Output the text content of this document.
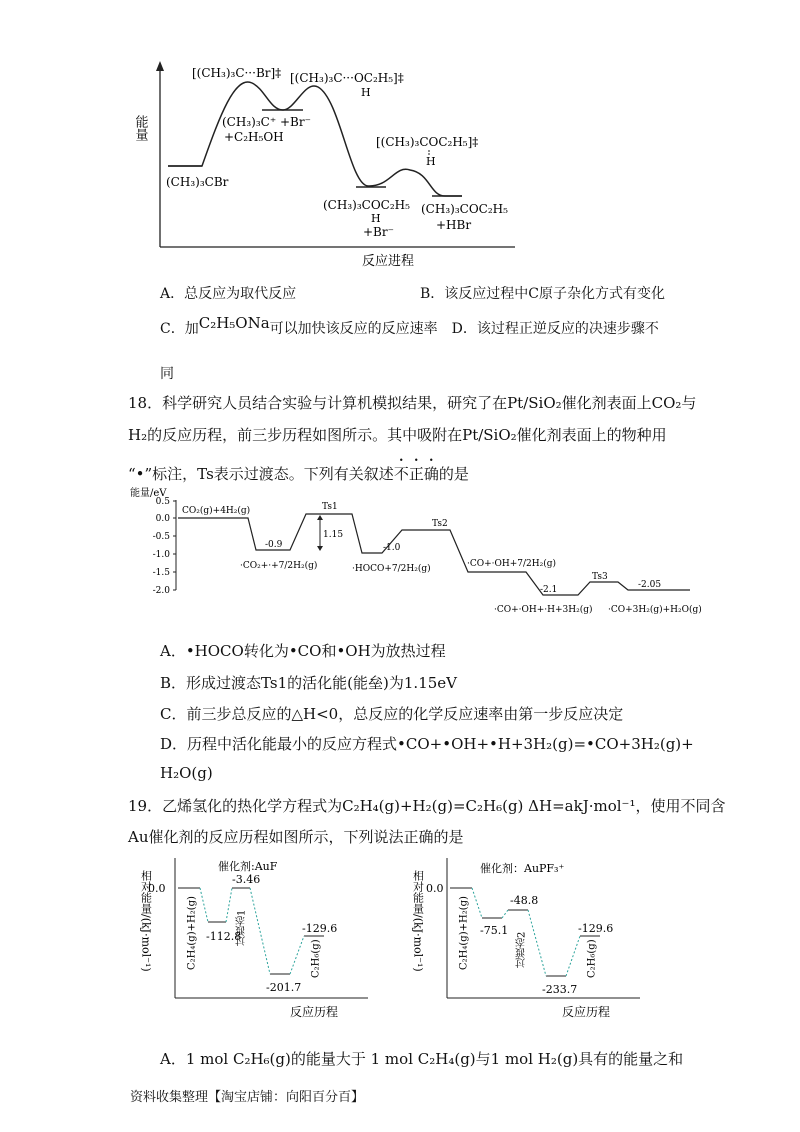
能量
[(CH₃)₃C···Br]‡ [(CH₃)₃C···OC₂H₅]‡
H
(CH₃)₃C⁺ +Br⁻
+C₂H₅OH	[(CH₃)₃COC₂H₅]‡
H
(CH₃)₃CBr
(CH₃)₃COC₂H₅
H
+Br⁻
(CH₃)₃COC₂H₅
+HBr
反应进程
A．总反应为取代反应	B．该反应过程中C原子杂化方式有变化
C．加C₂H₅ONa可以加快该反应的反应速率　D．该过程正逆反应的决速步骤不
同
18．科学研究人员结合实验与计算机模拟结果，研究了在Pt/SiO₂催化剂表面上CO₂与
H₂的反应历程，前三步历程如图所示。其中吸附在Pt/SiO₂催化剂表面上的物种用
“•”标注，Ts表示过渡态。下列有关叙述不正确的是
能量/eV
0.5
0.0
-0.5
-1.0
-1.5
-2.0
CO₂(g)+4H₂(g)
-0.9
·CO₂+·+7/2H₂(g)
Ts1
1.15
-1.0
·HOCO+7/2H₂(g)
Ts2
·CO+·OH+7/2H₂(g)
-2.1
·CO+·OH+·H+3H₂(g)
Ts3
-2.05
·CO+3H₂(g)+H₂O(g)
A．•HOCO转化为•CO和•OH为放热过程
B．形成过渡态Ts1的活化能(能垒)为1.15eV
C．前三步总反应的△H<0，总反应的化学反应速率由第一步反应决定
D．历程中活化能最小的反应方程式•CO+•OH+•H+3H₂(g)=•CO+3H₂(g)+
H₂O(g)
19．乙烯氢化的热化学方程式为C₂H₄(g)+H₂(g)=C₂H₆(g) ΔH=akJ·mol⁻¹，使用不同含
Au催化剂的反应历程如图所示，下列说法正确的是
相对能量/(kJ·mol⁻¹)
催化剂:AuF
0.0
-112.8
-3.46
-201.7
-129.6
C₂H₄(g)+H₂(g)	过渡态1
C₂H₆(g)
反应历程
相对能量/(kJ·mol⁻¹)
催化剂：AuPF₃⁺
0.0
-75.1
-48.8
-233.7
-129.6
C₂H₄(g)+H₂(g)	过渡态2	C₂H₆(g)
反应历程
A．1 mol C₂H₆(g)的能量大于 1 mol C₂H₄(g)与1 mol H₂(g)具有的能量之和
资料收集整理【淘宝店铺：向阳百分百】
